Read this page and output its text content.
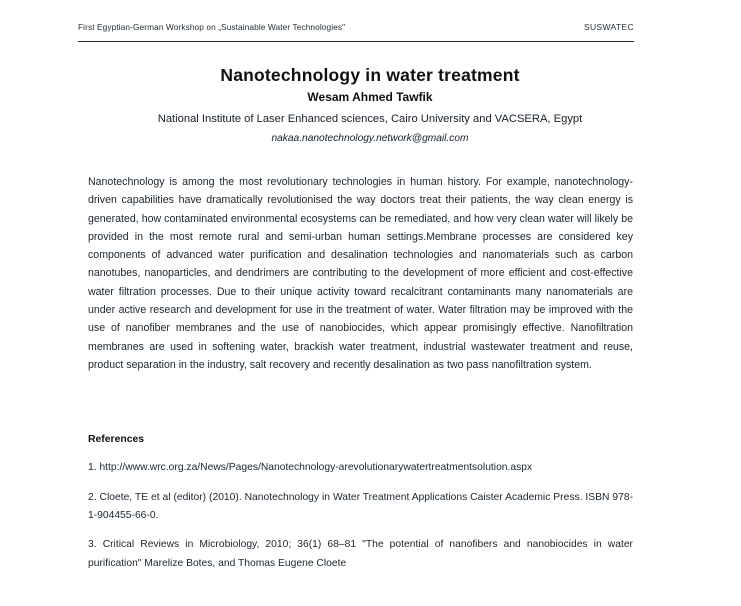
First Egyptian-German Workshop on „Sustainable Water Technologies"	SUSWATEC
Nanotechnology in water treatment
Wesam Ahmed Tawfik
National Institute of Laser Enhanced sciences, Cairo University and VACSERA, Egypt
nakaa.nanotechnology.network@gmail.com
Nanotechnology is among the most revolutionary technologies in human history. For example, nanotechnology-driven capabilities have dramatically revolutionised the way doctors treat their patients, the way clean energy is generated, how contaminated environmental ecosystems can be remediated, and how very clean water will likely be provided in the most remote rural and semi-urban human settings.Membrane processes are considered key components of advanced water purification and desalination technologies and nanomaterials such as carbon nanotubes, nanoparticles, and dendrimers are contributing to the development of more efficient and cost-effective water filtration processes. Due to their unique activity toward recalcitrant contaminants many nanomaterials are under active research and development for use in the treatment of water. Water filtration may be improved with the use of nanofiber membranes and the use of nanobiocides, which appear promisingly effective. Nanofiltration membranes are used in softening water, brackish water treatment, industrial wastewater treatment and reuse, product separation in the industry, salt recovery and recently desalination as two pass nanofiltration system.
References
1. http://www.wrc.org.za/News/Pages/Nanotechnology-arevolutionarywatertreatmentsolution.aspx
2. Cloete, TE et al (editor) (2010). Nanotechnology in Water Treatment Applications Caister Academic Press. ISBN 978-1-904455-66-0.
3. Critical Reviews in Microbiology, 2010; 36(1) 68–81 "The potential of nanofibers and nanobiocides in water purification" Marelize Botes, and Thomas Eugene Cloete
